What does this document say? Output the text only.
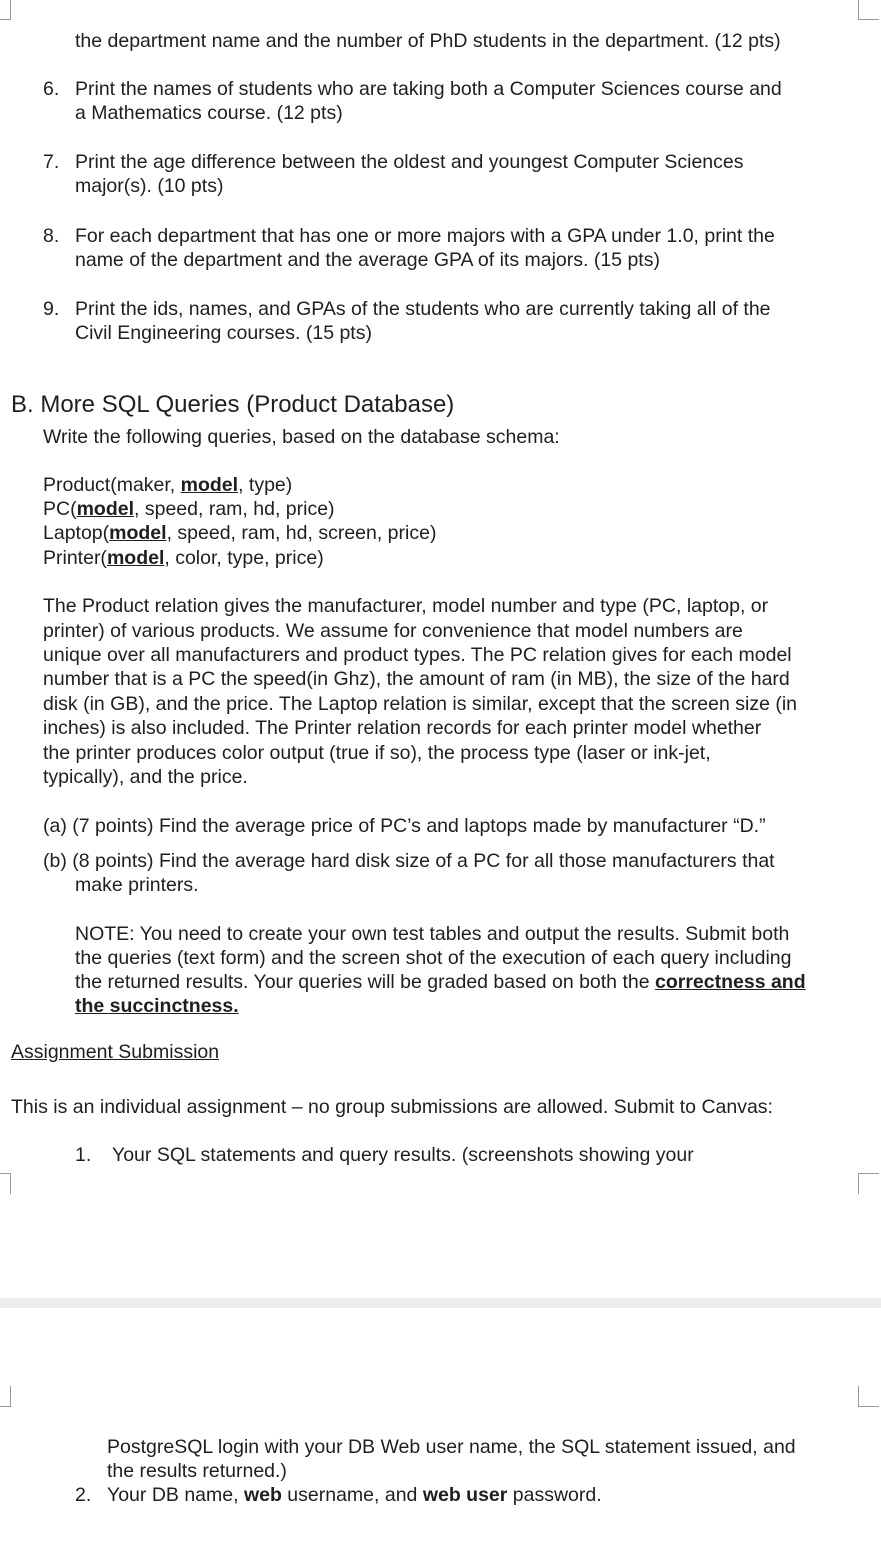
the department name and the number of PhD students in the department. (12 pts)

6. Print the names of students who are taking both a Computer Sciences course and

a Mathematics course. (12 pts)

7. Print the age difference between the oldest and youngest Computer Sciences

major(s). (10 pts)

8. For each department that has one or more majors with a GPA under 1.0, print the

name of the department and the average GPA of its majors. (15 pts)

9. Print the ids, names, and GPAs of the students who are currently taking all of the

Civil Engineering courses. (15 pts)

B. More SQL Queries (Product Database)

Write the following queries, based on the database schema:

Product(maker, model, type)

PC(model, speed, ram, hd, price)

Laptop(model, speed, ram, hd, screen, price)

Printer(model, color, type, price)

The Product relation gives the manufacturer, model number and type (PC, laptop, or

printer) of various products. We assume for convenience that model numbers are

unique over all manufacturers and product types. The PC relation gives for each model

number that is a PC the speed(in Ghz), the amount of ram (in MB), the size of the hard

disk (in GB), and the price. The Laptop relation is similar, except that the screen size (in

inches) is also included. The Printer relation records for each printer model whether

the printer produces color output (true if so), the process type (laser or ink-jet,

typically), and the price.

(a) (7 points) Find the average price of PC’s and laptops made by manufacturer “D.”

(b) (8 points) Find the average hard disk size of a PC for all those manufacturers that

make printers.

NOTE: You need to create your own test tables and output the results. Submit both

the queries (text form) and the screen shot of the execution of each query including

the returned results. Your queries will be graded based on both the correctness and

the succinctness.

Assignment Submission

This is an individual assignment – no group submissions are allowed. Submit to Canvas:

1. Your SQL statements and query results. (screenshots showing your

PostgreSQL login with your DB Web user name, the SQL statement issued, and

the results returned.)

2. Your DB name, web username, and web user password.
